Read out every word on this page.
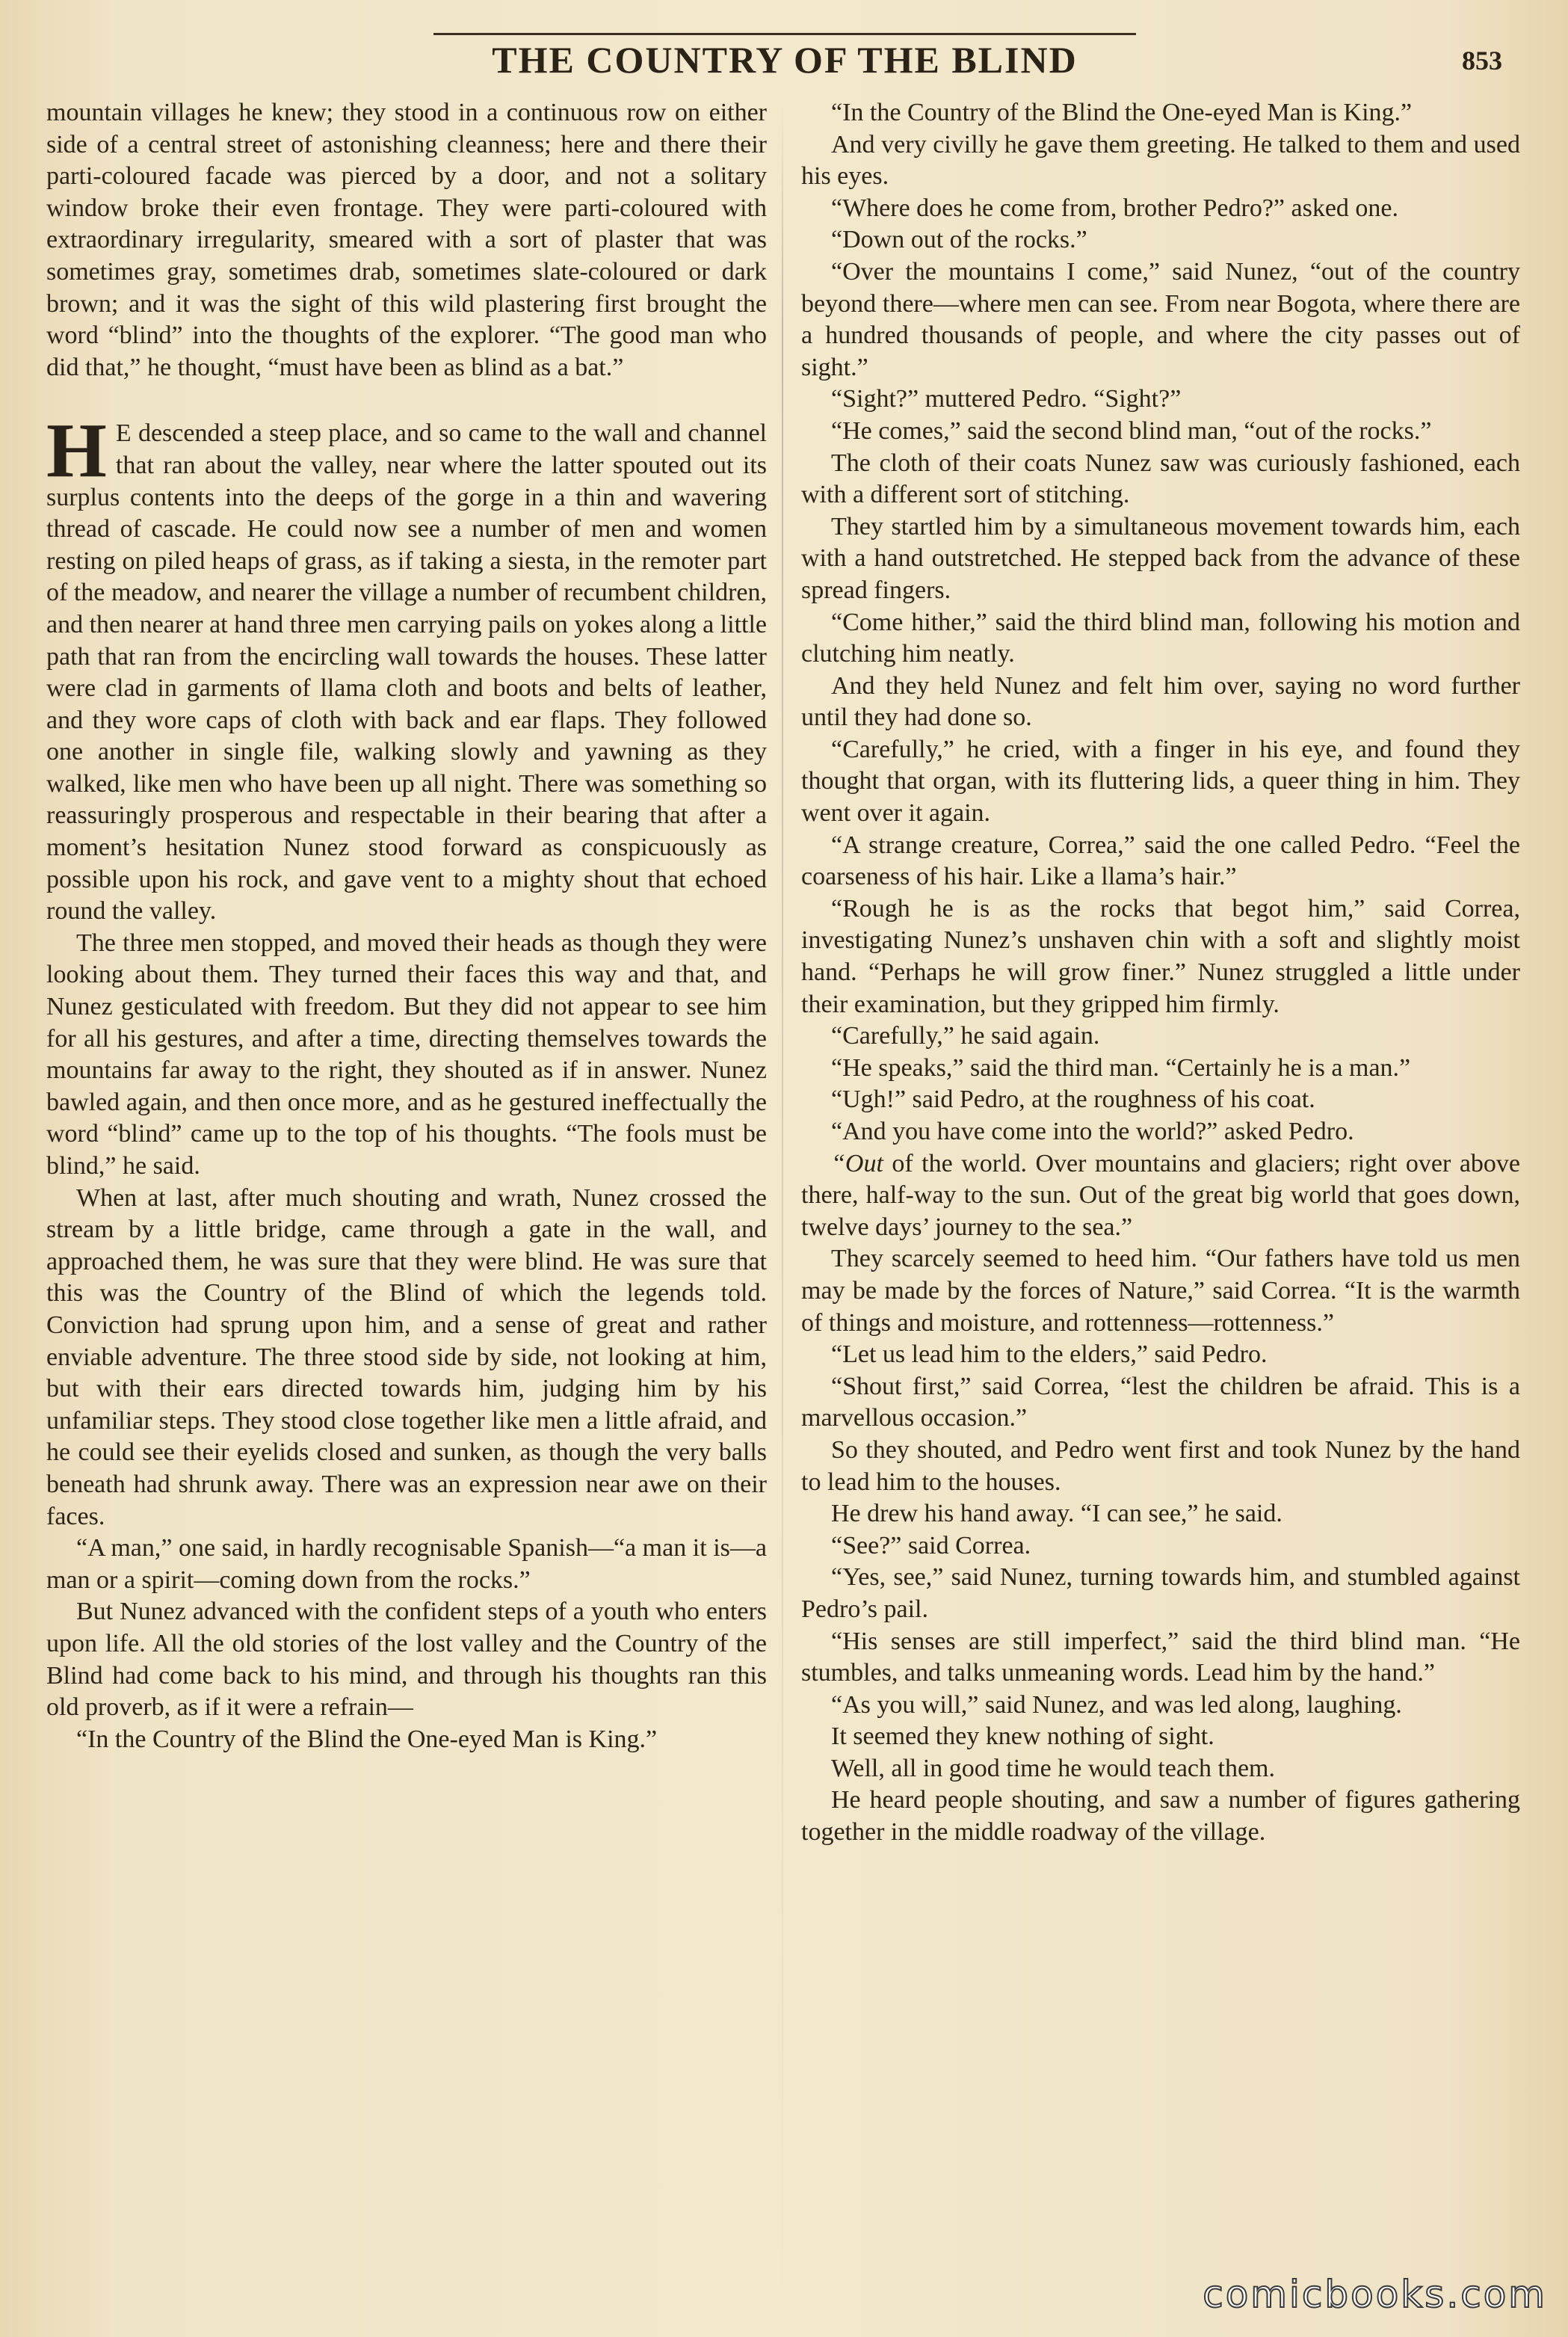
THE COUNTRY OF THE BLIND	853

mountain villages he knew; they stood in a continuous row on either side of a central street of astonishing cleanness; here and there their parti-coloured facade was pierced by a door, and not a solitary window broke their even frontage. They were parti-coloured with extraordinary irregularity, smeared with a sort of plaster that was sometimes gray, sometimes drab, sometimes slate-coloured or dark brown; and it was the sight of this wild plastering first brought the word “blind” into the thoughts of the explorer. “The good man who did that,” he thought, “must have been as blind as a bat.”

H E descended a steep place, and so came to the wall and channel that ran about the valley, near where the latter spouted out its surplus contents into the deeps of the gorge in a thin and wavering thread of cascade. He could now see a number of men and women resting on piled heaps of grass, as if taking a siesta, in the remoter part of the meadow, and nearer the village a number of recumbent children, and then nearer at hand three men carrying pails on yokes along a little path that ran from the encircling wall towards the houses. These latter were clad in garments of llama cloth and boots and belts of leather, and they wore caps of cloth with back and ear flaps. They followed one another in single file, walking slowly and yawning as they walked, like men who have been up all night. There was something so reassuringly prosperous and respectable in their bearing that after a moment’s hesitation Nunez stood forward as conspicuously as possible upon his rock, and gave vent to a mighty shout that echoed round the valley.

The three men stopped, and moved their heads as though they were looking about them. They turned their faces this way and that, and Nunez gesticulated with freedom. But they did not appear to see him for all his gestures, and after a time, directing themselves towards the mountains far away to the right, they shouted as if in answer. Nunez bawled again, and then once more, and as he gestured ineffectually the word “blind” came up to the top of his thoughts. “The fools must be blind,” he said.

When at last, after much shouting and wrath, Nunez crossed the stream by a little bridge, came through a gate in the wall, and approached them, he was sure that they were blind. He was sure that this was the Country of the Blind of which the legends told. Conviction had sprung upon him, and a sense of great and rather enviable adventure. The three stood side by side, not looking at him, but with their ears directed towards him, judging him by his unfamiliar steps. They stood close together like men a little afraid, and he could see their eyelids closed and sunken, as though the very balls beneath had shrunk away. There was an expression near awe on their faces.

“A man,” one said, in hardly recognisable Spanish—“a man it is—a man or a spirit—coming down from the rocks.”

But Nunez advanced with the confident steps of a youth who enters upon life. All the old stories of the lost valley and the Country of the Blind had come back to his mind, and through his thoughts ran this old proverb, as if it were a refrain—

“In the Country of the Blind the One-eyed Man is King.”

“In the Country of the Blind the One-eyed Man is King.”

And very civilly he gave them greeting. He talked to them and used his eyes.

“Where does he come from, brother Pedro?” asked one.

“Down out of the rocks.”

“Over the mountains I come,” said Nunez, “out of the country beyond there—where men can see. From near Bogota, where there are a hundred thousands of people, and where the city passes out of sight.”

“Sight?” muttered Pedro. “Sight?”

“He comes,” said the second blind man, “out of the rocks.”

The cloth of their coats Nunez saw was curiously fashioned, each with a different sort of stitching.

They startled him by a simultaneous movement towards him, each with a hand outstretched. He stepped back from the advance of these spread fingers.

“Come hither,” said the third blind man, following his motion and clutching him neatly.

And they held Nunez and felt him over, saying no word further until they had done so.

“Carefully,” he cried, with a finger in his eye, and found they thought that organ, with its fluttering lids, a queer thing in him. They went over it again.

“A strange creature, Correa,” said the one called Pedro. “Feel the coarseness of his hair. Like a llama’s hair.”

“Rough he is as the rocks that begot him,” said Correa, investigating Nunez’s unshaven chin with a soft and slightly moist hand. “Perhaps he will grow finer.” Nunez struggled a little under their examination, but they gripped him firmly.

“Carefully,” he said again.

“He speaks,” said the third man. “Certainly he is a man.”

“Ugh!” said Pedro, at the roughness of his coat.

“And you have come into the world?” asked Pedro.

“Out of the world. Over mountains and glaciers; right over above there, half-way to the sun. Out of the great big world that goes down, twelve days’ journey to the sea.”

They scarcely seemed to heed him. “Our fathers have told us men may be made by the forces of Nature,” said Correa. “It is the warmth of things and moisture, and rottenness—rottenness.”

“Let us lead him to the elders,” said Pedro.

“Shout first,” said Correa, “lest the children be afraid. This is a marvellous occasion.”

So they shouted, and Pedro went first and took Nunez by the hand to lead him to the houses.

He drew his hand away. “I can see,” he said.

“See?” said Correa.

“Yes, see,” said Nunez, turning towards him, and stumbled against Pedro’s pail.

“His senses are still imperfect,” said the third blind man. “He stumbles, and talks unmeaning words. Lead him by the hand.”

“As you will,” said Nunez, and was led along, laughing.

It seemed they knew nothing of sight.

Well, all in good time he would teach them.

He heard people shouting, and saw a number of figures gathering together in the middle roadway of the village.

comicbooks.com
